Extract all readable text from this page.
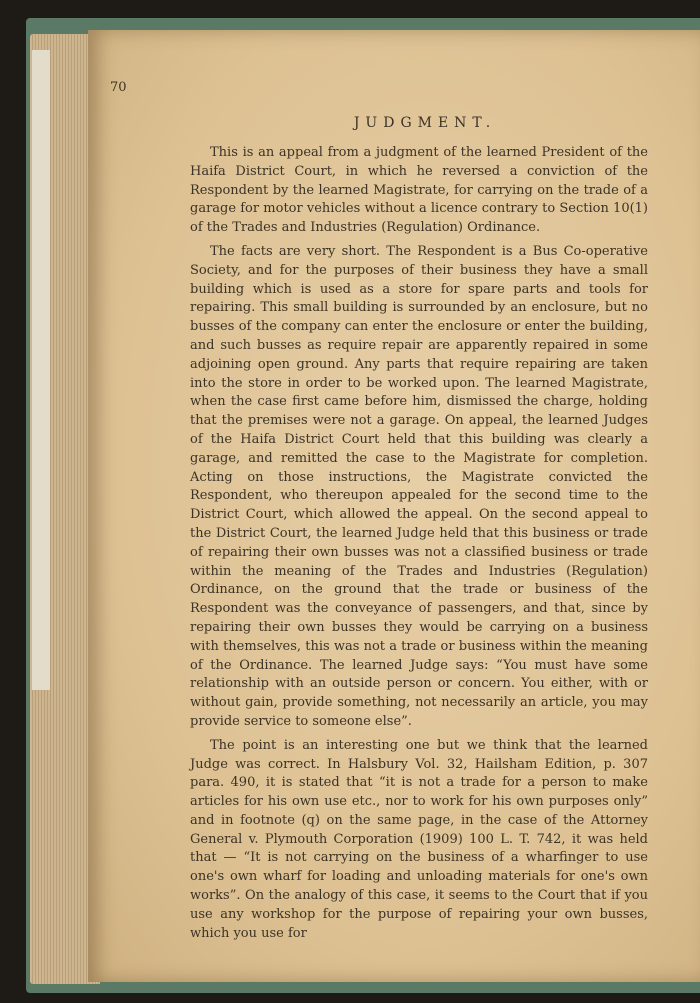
70
JUDGMENT.

This is an appeal from a judgment of the learned President of the Haifa District Court, in which he reversed a conviction of the Respondent by the learned Magistrate, for carrying on the trade of a garage for motor vehicles without a licence contrary to Section 10(1) of the Trades and Industries (Regulation) Ordinance.

The facts are very short. The Respondent is a Bus Co-operative Society, and for the purposes of their business they have a small building which is used as a store for spare parts and tools for repairing. This small building is surrounded by an enclosure, but no busses of the company can enter the enclosure or enter the building, and such busses as require repair are apparently repaired in some adjoining open ground. Any parts that require repairing are taken into the store in order to be worked upon. The learned Magistrate, when the case first came before him, dismissed the charge, holding that the premises were not a garage. On appeal, the learned Judges of the Haifa District Court held that this building was clearly a garage, and remitted the case to the Magistrate for completion. Acting on those instructions, the Magistrate convicted the Respondent, who thereupon appealed for the second time to the District Court, which allowed the appeal. On the second appeal to the District Court, the learned Judge held that this business or trade of repairing their own busses was not a classified business or trade within the meaning of the Trades and Industries (Regulation) Ordinance, on the ground that the trade or business of the Respondent was the conveyance of passengers, and that, since by repairing their own busses they would be carrying on a business with themselves, this was not a trade or business within the meaning of the Ordinance. The learned Judge says: “You must have some relationship with an outside person or concern. You either, with or without gain, provide something, not necessarily an article, you may provide service to someone else”.

The point is an interesting one but we think that the learned Judge was correct. In Halsbury Vol. 32, Hailsham Edition, p. 307 para. 490, it is stated that “it is not a trade for a person to make articles for his own use etc., nor to work for his own purposes only” and in footnote (q) on the same page, in the case of the Attorney General v. Plymouth Corporation (1909) 100 L. T. 742, it was held that — “It is not carrying on the business of a wharfinger to use one's own wharf for loading and unloading materials for one's own works”. On the analogy of this case, it seems to the Court that if you use any workshop for the purpose of repairing your own busses, which you use for
